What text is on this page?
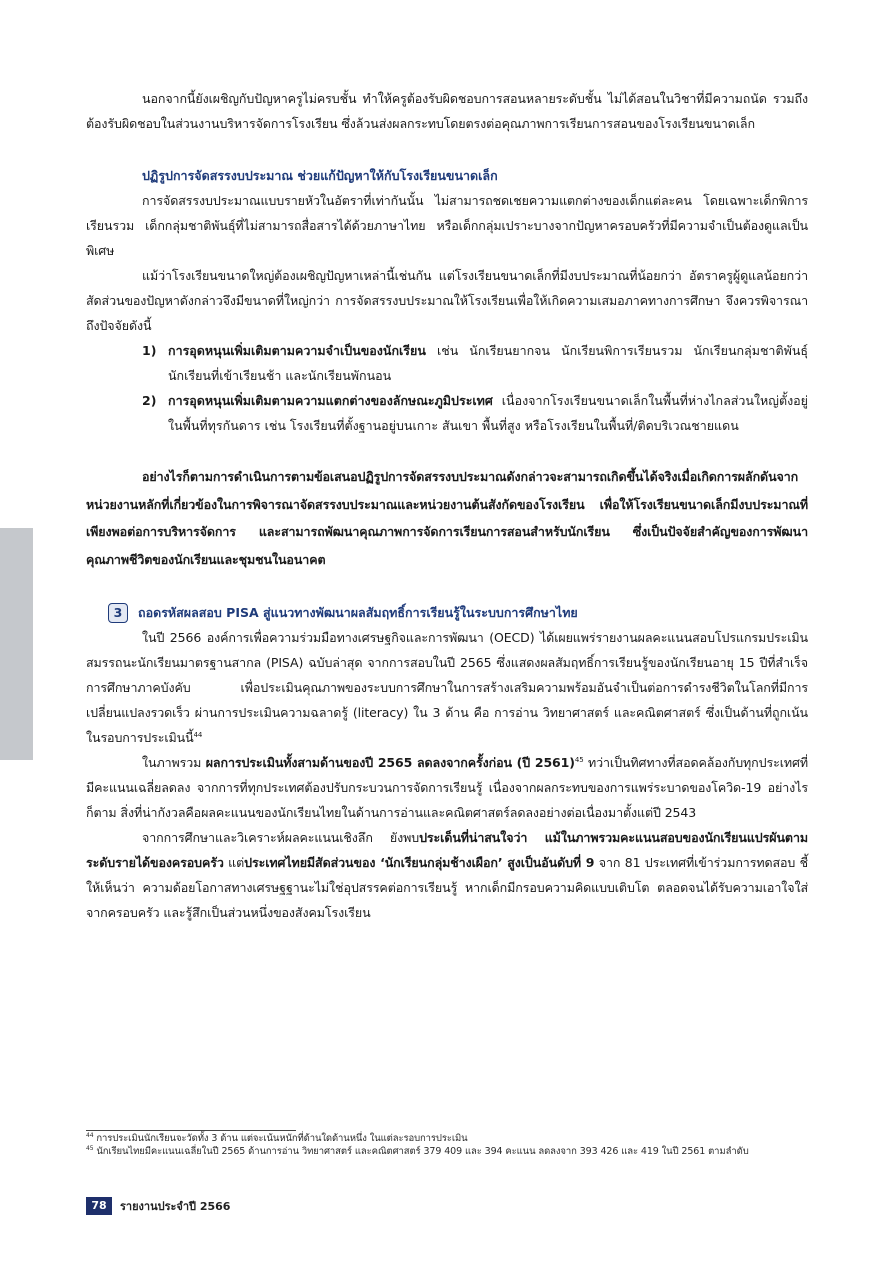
นอกจากนี้ยังเผชิญกับปัญหาครูไม่ครบชั้น ทำให้ครูต้องรับผิดชอบการสอนหลายระดับชั้น ไม่ได้สอนในวิชาที่มีความถนัด รวมถึงต้องรับผิดชอบในส่วนงานบริหารจัดการโรงเรียน ซึ่งล้วนส่งผลกระทบโดยตรงต่อคุณภาพการเรียนการสอนของโรงเรียนขนาดเล็ก

ปฏิรูปการจัดสรรงบประมาณ ช่วยแก้ปัญหาให้กับโรงเรียนขนาดเล็ก

การจัดสรรงบประมาณแบบรายหัวในอัตราที่เท่ากันนั้น ไม่สามารถชดเชยความแตกต่างของเด็กแต่ละคน โดยเฉพาะเด็กพิการเรียนรวม เด็กกลุ่มชาติพันธุ์ที่ไม่สามารถสื่อสารได้ด้วยภาษาไทย หรือเด็กกลุ่มเปราะบางจากปัญหาครอบครัวที่มีความจำเป็นต้องดูแลเป็นพิเศษ

แม้ว่าโรงเรียนขนาดใหญ่ต้องเผชิญปัญหาเหล่านี้เช่นกัน แต่โรงเรียนขนาดเล็กที่มีงบประมาณที่น้อยกว่า อัตราครูผู้ดูแลน้อยกว่า สัดส่วนของปัญหาดังกล่าวจึงมีขนาดที่ใหญ่กว่า การจัดสรรงบประมาณให้โรงเรียนเพื่อให้เกิดความเสมอภาคทางการศึกษา จึงควรพิจารณาถึงปัจจัยดังนี้

1) การอุดหนุนเพิ่มเติมตามความจำเป็นของนักเรียน เช่น นักเรียนยากจน นักเรียนพิการเรียนรวม นักเรียนกลุ่มชาติพันธุ์ นักเรียนที่เข้าเรียนช้า และนักเรียนพักนอน
2) การอุดหนุนเพิ่มเติมตามความแตกต่างของลักษณะภูมิประเทศ เนื่องจากโรงเรียนขนาดเล็กในพื้นที่ห่างไกลส่วนใหญ่ตั้งอยู่ในพื้นที่ทุรกันดาร เช่น โรงเรียนที่ตั้งฐานอยู่บนเกาะ สันเขา พื้นที่สูง หรือโรงเรียนในพื้นที่/ติดบริเวณชายแดน

อย่างไรก็ตามการดำเนินการตามข้อเสนอปฏิรูปการจัดสรรงบประมาณดังกล่าวจะสามารถเกิดขึ้นได้จริงเมื่อเกิดการผลักดันจากหน่วยงานหลักที่เกี่ยวข้องในการพิจารณาจัดสรรงบประมาณและหน่วยงานต้นสังกัดของโรงเรียน เพื่อให้โรงเรียนขนาดเล็กมีงบประมาณที่เพียงพอต่อการบริหารจัดการ และสามารถพัฒนาคุณภาพการจัดการเรียนการสอนสำหรับนักเรียน ซึ่งเป็นปัจจัยสำคัญของการพัฒนาคุณภาพชีวิตของนักเรียนและชุมชนในอนาคต

3	ถอดรหัสผลสอบ PISA สู่แนวทางพัฒนาผลสัมฤทธิ์การเรียนรู้ในระบบการศึกษาไทย

ในปี 2566 องค์การเพื่อความร่วมมือทางเศรษฐกิจและการพัฒนา (OECD) ได้เผยแพร่รายงานผลคะแนนสอบโปรแกรมประเมินสมรรถนะนักเรียนมาตรฐานสากล (PISA) ฉบับล่าสุด จากการสอบในปี 2565 ซึ่งแสดงผลสัมฤทธิ์การเรียนรู้ของนักเรียนอายุ 15 ปีที่สำเร็จการศึกษาภาคบังคับ เพื่อประเมินคุณภาพของระบบการศึกษาในการสร้างเสริมความพร้อมอันจำเป็นต่อการดำรงชีวิตในโลกที่มีการเปลี่ยนแปลงรวดเร็ว ผ่านการประเมินความฉลาดรู้ (literacy) ใน 3 ด้าน คือ การอ่าน วิทยาศาสตร์ และคณิตศาสตร์ ซึ่งเป็นด้านที่ถูกเน้นในรอบการประเมินนี้$^{44}$

ในภาพรวม ผลการประเมินทั้งสามด้านของปี 2565 ลดลงจากครั้งก่อน (ปี 2561)$^{45}$ ทว่าเป็นทิศทางที่สอดคล้องกับทุกประเทศที่มีคะแนนเฉลี่ยลดลง จากการที่ทุกประเทศต้องปรับกระบวนการจัดการเรียนรู้ เนื่องจากผลกระทบของการแพร่ระบาดของโควิด-19 อย่างไรก็ตาม สิ่งที่น่ากังวลคือผลคะแนนของนักเรียนไทยในด้านการอ่านและคณิตศาสตร์ลดลงอย่างต่อเนื่องมาตั้งแต่ปี 2543

จากการศึกษาและวิเคราะห์ผลคะแนนเชิงลึก ยังพบประเด็นที่น่าสนใจว่า แม้ในภาพรวมคะแนนสอบของนักเรียนแปรผันตามระดับรายได้ของครอบครัว แต่ประเทศไทยมีสัดส่วนของ ‘นักเรียนกลุ่มช้างเผือก’ สูงเป็นอันดับที่ 9 จาก 81 ประเทศที่เข้าร่วมการทดสอบ ชี้ให้เห็นว่า ความด้อยโอกาสทางเศรษฐฐานะไม่ใช่อุปสรรคต่อการเรียนรู้ หากเด็กมีกรอบความคิดแบบเติบโต ตลอดจนได้รับความเอาใจใส่จากครอบครัว และรู้สึกเป็นส่วนหนึ่งของสังคมโรงเรียน

$^{44}$ การประเมินนักเรียนจะวัดทั้ง 3 ด้าน แต่จะเน้นหนักที่ด้านใดด้านหนึ่ง ในแต่ละรอบการประเมิน

$^{45}$ นักเรียนไทยมีคะแนนเฉลี่ยในปี 2565 ด้านการอ่าน วิทยาศาสตร์ และคณิตศาสตร์ 379 409 และ 394 คะแนน ลดลงจาก 393 426 และ 419 ในปี 2561 ตามลำดับ

78	รายงานประจำปี 2566
